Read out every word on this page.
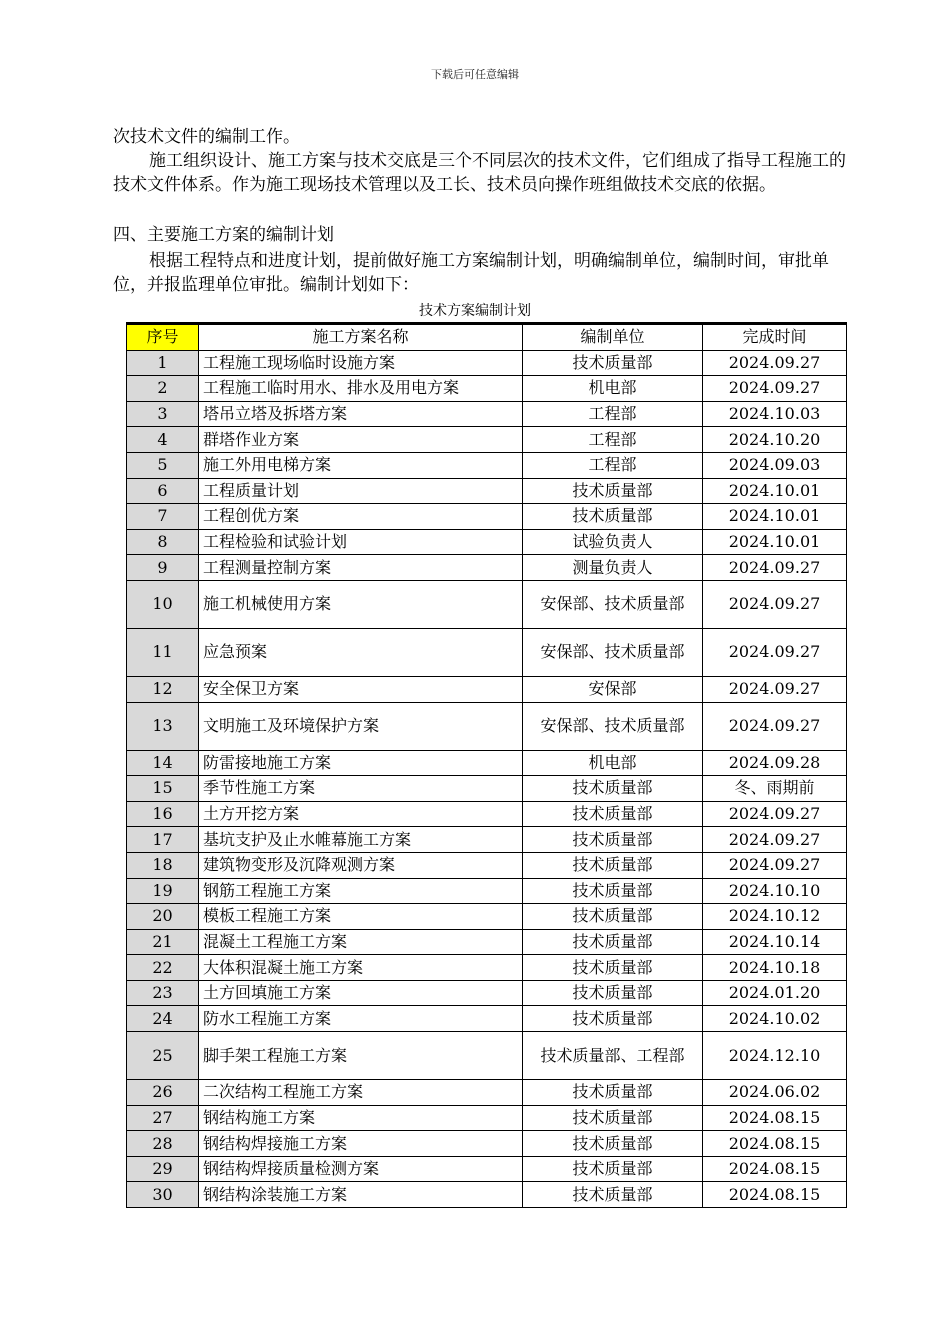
下载后可任意编辑

次技术文件的编制工作。

施工组织设计、施工方案与技术交底是三个不同层次的技术文件，它们组成了指导工程施工的技术文件体系。作为施工现场技术管理以及工长、技术员向操作班组做技术交底的依据。

四、主要施工方案的编制计划

根据工程特点和进度计划，提前做好施工方案编制计划，明确编制单位，编制时间，审批单位，并报监理单位审批。编制计划如下：

技术方案编制计划
序号	施工方案名称	编制单位	完成时间
1	工程施工现场临时设施方案	技术质量部	2024.09.27
2	工程施工临时用水、排水及用电方案	机电部	2024.09.27
3	塔吊立塔及拆塔方案	工程部	2024.10.03
4	群塔作业方案	工程部	2024.10.20
5	施工外用电梯方案	工程部	2024.09.03
6	工程质量计划	技术质量部	2024.10.01
7	工程创优方案	技术质量部	2024.10.01
8	工程检验和试验计划	试验负责人	2024.10.01
9	工程测量控制方案	测量负责人	2024.09.27
10	施工机械使用方案	安保部、技术质量部	2024.09.27
11	应急预案	安保部、技术质量部	2024.09.27
12	安全保卫方案	安保部	2024.09.27
13	文明施工及环境保护方案	安保部、技术质量部	2024.09.27
14	防雷接地施工方案	机电部	2024.09.28
15	季节性施工方案	技术质量部	冬、雨期前
16	土方开挖方案	技术质量部	2024.09.27
17	基坑支护及止水帷幕施工方案	技术质量部	2024.09.27
18	建筑物变形及沉降观测方案	技术质量部	2024.09.27
19	钢筋工程施工方案	技术质量部	2024.10.10
20	模板工程施工方案	技术质量部	2024.10.12
21	混凝土工程施工方案	技术质量部	2024.10.14
22	大体积混凝土施工方案	技术质量部	2024.10.18
23	土方回填施工方案	技术质量部	2024.01.20
24	防水工程施工方案	技术质量部	2024.10.02
25	脚手架工程施工方案	技术质量部、工程部	2024.12.10
26	二次结构工程施工方案	技术质量部	2024.06.02
27	钢结构施工方案	技术质量部	2024.08.15
28	钢结构焊接施工方案	技术质量部	2024.08.15
29	钢结构焊接质量检测方案	技术质量部	2024.08.15
30	钢结构涂装施工方案	技术质量部	2024.08.15
